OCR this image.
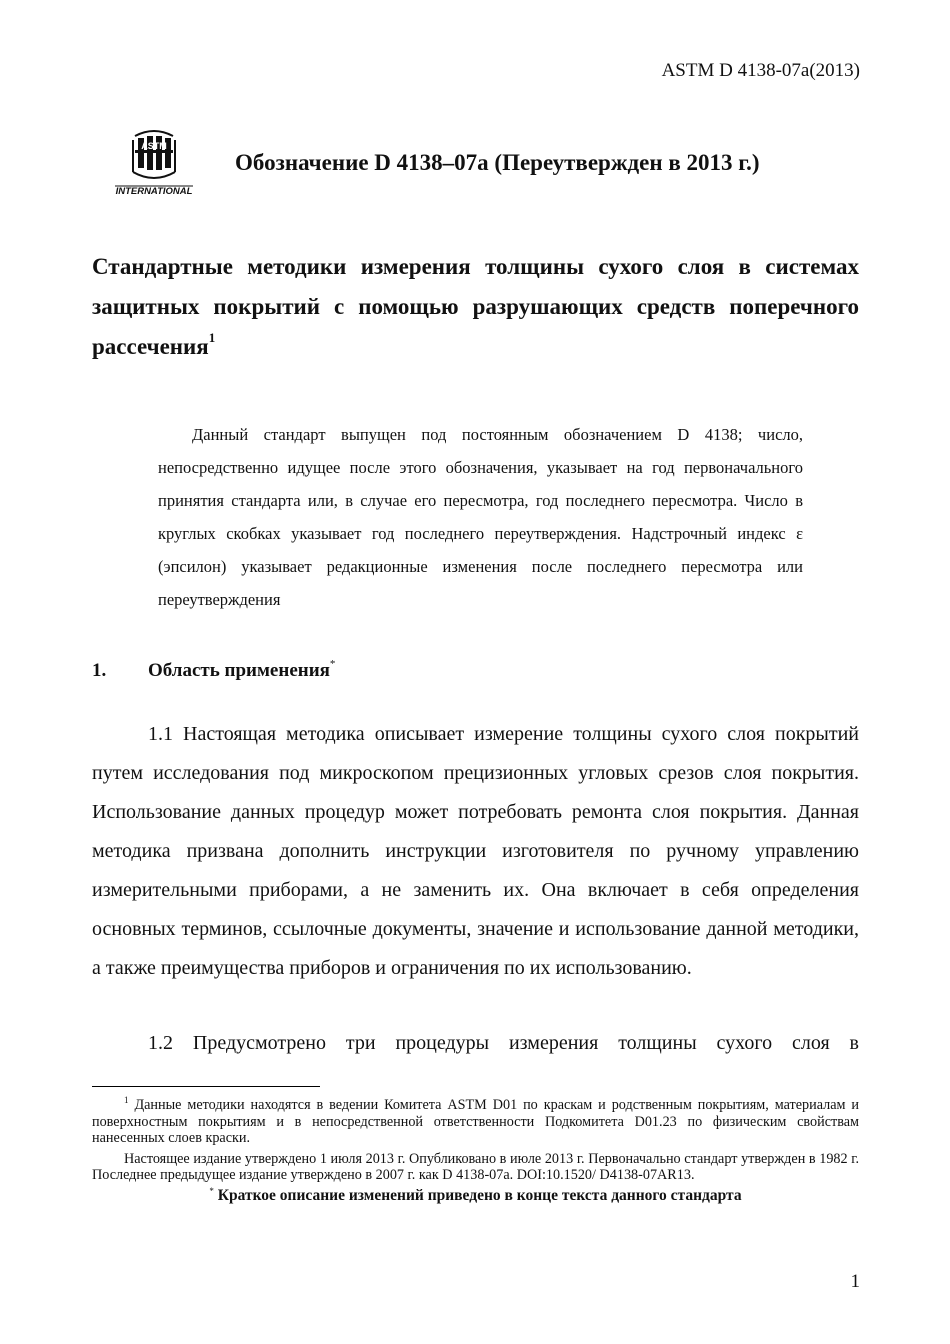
ASTM D 4138-07a(2013)
ASTM
INTERNATIONAL
Обозначение D 4138–07a (Переутвержден в 2013 г.)
Стандартные методики измерения толщины сухого слоя в системах защитных покрытий с помощью разрушающих средств поперечного рассечения$^1$
Данный стандарт выпущен под постоянным обозначением D 4138; число, непосредственно идущее после этого обозначения, указывает на год первоначального принятия стандарта или, в случае его пересмотра, год последнего пересмотра. Число в круглых скобках указывает год последнего переутверждения. Надстрочный индекс ε (эпсилон) указывает редакционные изменения после последнего пересмотра или переутверждения
1. Область применения*
1.1 Настоящая методика описывает измерение толщины сухого слоя покрытий путем исследования под микроскопом прецизионных угловых срезов слоя покрытия. Использование данных процедур может потребовать ремонта слоя покрытия. Данная методика призвана дополнить инструкции изготовителя по ручному управлению измерительными приборами, а не заменить их. Она включает в себя определения основных терминов, ссылочные документы, значение и использование данной методики, а также преимущества приборов и ограничения по их использованию.
1.2 Предусмотрено три процедуры измерения толщины сухого слоя в
$^1$ Данные методики находятся в ведении Комитета ASTM D01 по краскам и родственным покрытиям, материалам и поверхностным покрытиям и в непосредственной ответственности Подкомитета D01.23 по физическим свойствам нанесенных слоев краски.
Настоящее издание утверждено 1 июля 2013 г. Опубликовано в июле 2013 г. Первоначально стандарт утвержден в 1982 г. Последнее предыдущее издание утверждено в 2007 г. как D 4138-07a. DOI:10.1520/ D4138-07AR13.
* Краткое описание изменений приведено в конце текста данного стандарта
1
